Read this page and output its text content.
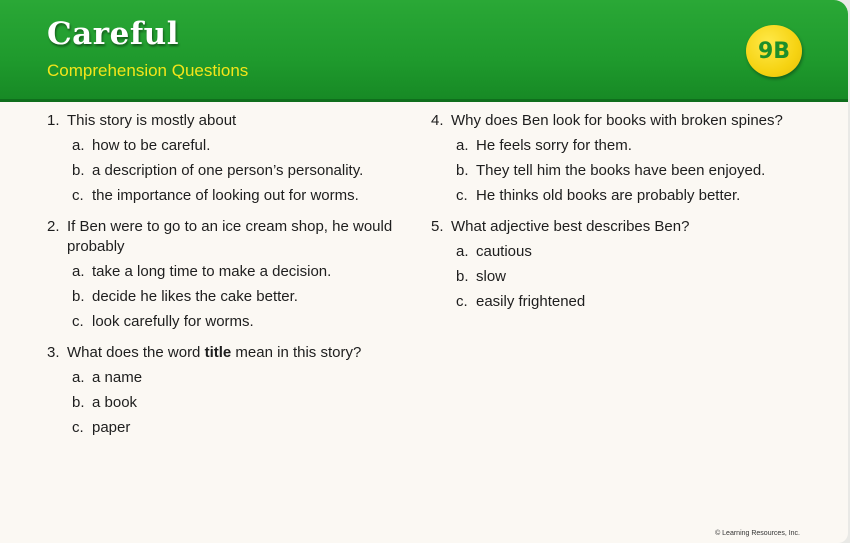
Careful
Comprehension Questions
9B
1. This story is mostly about
a. how to be careful.
b. a description of one person’s personality.
c. the importance of looking out for worms.
2. If Ben were to go to an ice cream shop, he would probably
a. take a long time to make a decision.
b. decide he likes the cake better.
c. look carefully for worms.
3. What does the word title mean in this story?
a. a name
b. a book
c. paper
4. Why does Ben look for books with broken spines?
a. He feels sorry for them.
b. They tell him the books have been enjoyed.
c. He thinks old books are probably better.
5. What adjective best describes Ben?
a. cautious
b. slow
c. easily frightened
© Learning Resources, Inc.
